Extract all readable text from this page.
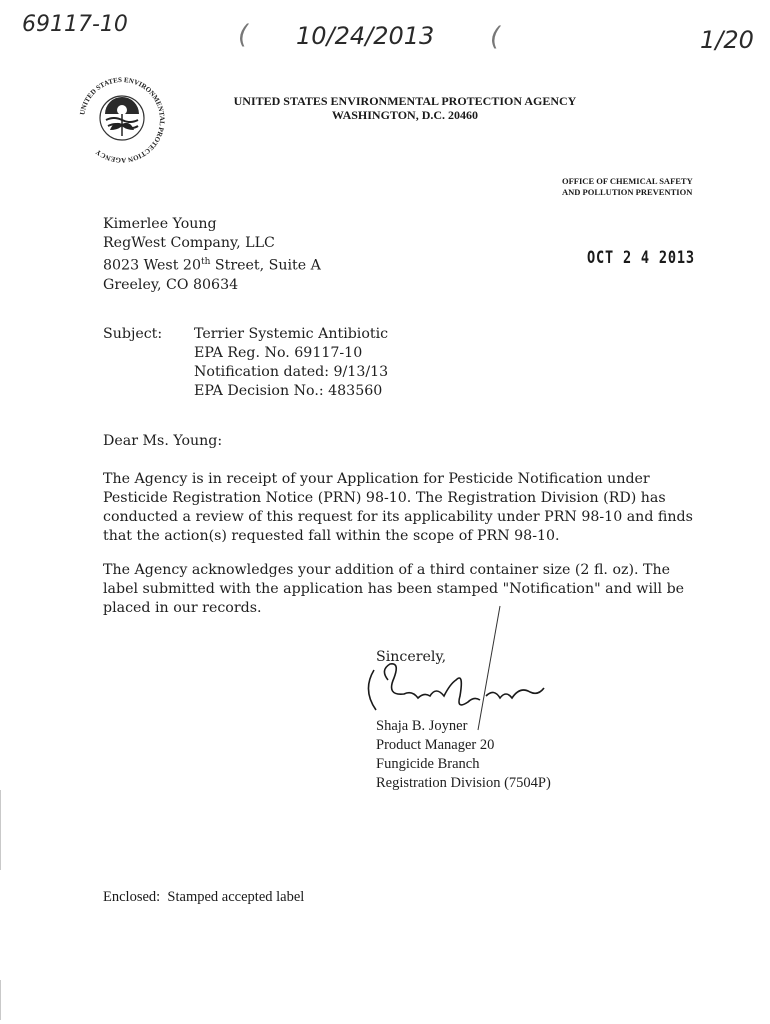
69117-10	( 10/24/2013 (	1/20
UNITED STATES ENVIRONMENTAL PROTECTION AGENCY
UNITED STATES ENVIRONMENTAL PROTECTION AGENCY
WASHINGTON, D.C. 20460
OFFICE OF CHEMICAL SAFETY
AND POLLUTION PREVENTION
OCT 2 4 2013
Kimerlee Young
RegWest Company, LLC
8023 West 20th Street, Suite A
Greeley, CO 80634
Subject:	Terrier Systemic Antibiotic
EPA Reg. No. 69117-10
Notification dated: 9/13/13
EPA Decision No.: 483560
Dear Ms. Young:

The Agency is in receipt of your Application for Pesticide Notification under Pesticide Registration Notice (PRN) 98-10. The Registration Division (RD) has conducted a review of this request for its applicability under PRN 98-10 and finds that the action(s) requested fall within the scope of PRN 98-10.

The Agency acknowledges your addition of a third container size (2 fl. oz). The label submitted with the application has been stamped "Notification" and will be placed in our records.

Sincerely,
Shaja B. Joyner
Product Manager 20
Fungicide Branch
Registration Division (7504P)
Enclosed:  Stamped accepted label
